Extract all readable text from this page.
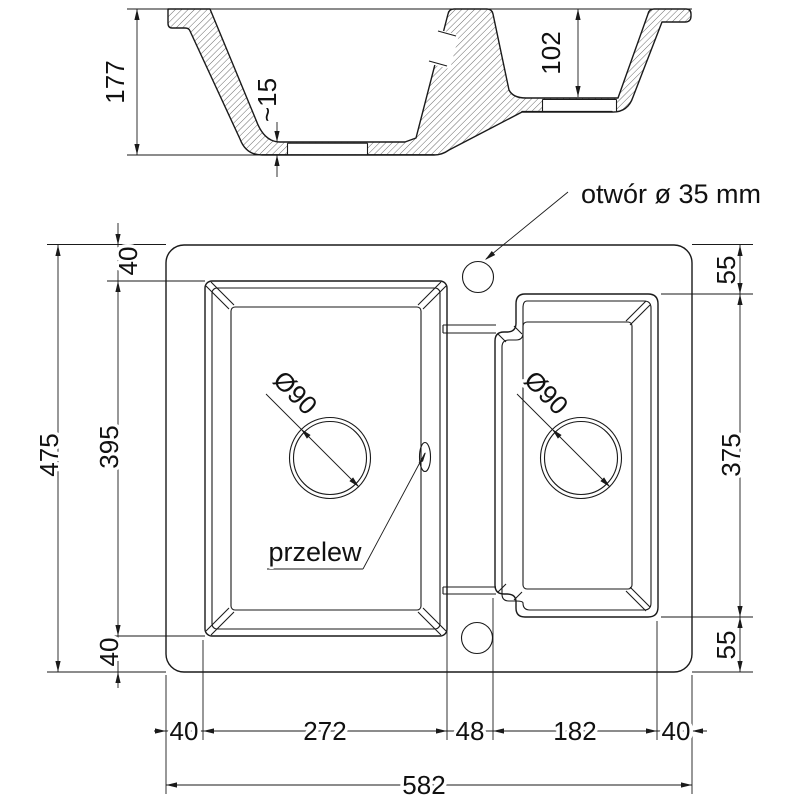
177	~15
102
Ø90	Ø90
otwór ø 35 mm
przelew
475
40
395
40
55
375
55
40	272	48	182 40
582
